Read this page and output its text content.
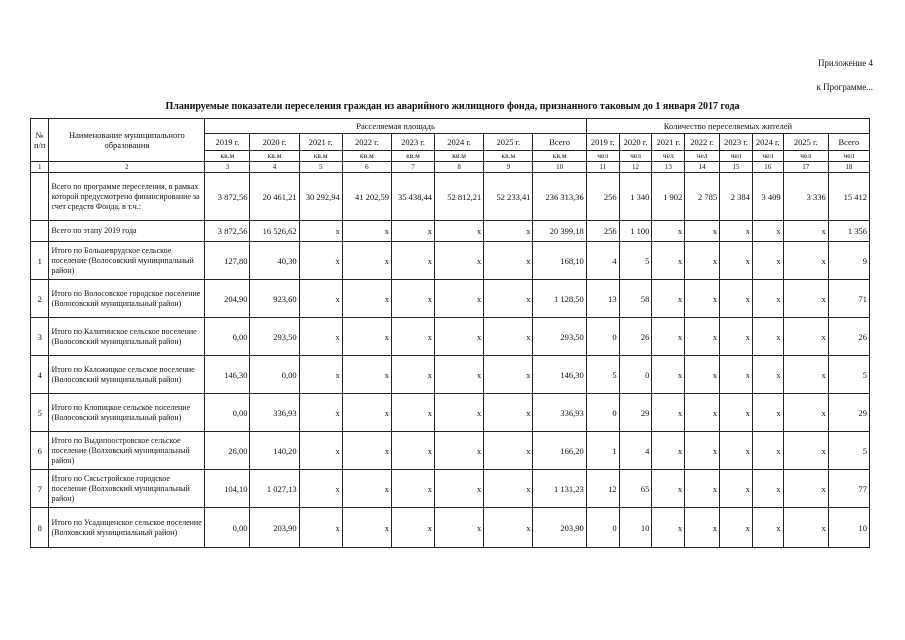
Приложение 4
к Программе...
Планируемые показатели переселения граждан из аварийного жилищного фонда, признанного таковым до 1 января 2017 года
№ п/п	Наименование муниципального образования	Расселяемая площадь								Количество переселяемых жителей							
		2019 г.	2020 г.	2021 г.	2022 г.	2023 г.	2024 г.	2025 г.	Всего	2019 г.	2020 г.	2021 г.	2022 г.	2023 г.	2024 г.	2025 г.	Всего
		кв.м	кв.м	кв.м	кв.м	кв.м	кв.м	кв.м	кв.м	чел	чел	чел	чел	чел	чел	чел	чел
1	2	3	4	5	6	7	8	9	10	11	12	13	14	15	16	17	18
	Всего по программе переселения, в рамках которой предусмотрено финансирование за счет средств Фонда, в т.ч.:	3 872,56	20 461,21	30 292,94	41 202,59	35 438,44	52 812,21	52 233,41	236 313,36	256	1 340	1 902	2 785	2 384	3 409	3 336	15 412
	Всего по этапу 2019 года	3 872,56	16 526,62	x	x	x	x	x	20 399,18	256	1 100	x	x	x	x	x	1 356
1	Итого по Большеврудское сельское поселение (Волосовский муниципальный район)	127,80	40,30	x	x	x	x	x	168,10	4	5	x	x	x	x	x	9
2	Итого по Волосовское городское поселение (Волосовский муниципальный район)	204,90	923,60	x	x	x	x	x	1 128,50	13	58	x	x	x	x	x	71
3	Итого по Калитинское сельское поселение (Волосовский муниципальный район)	0,00	293,50	x	x	x	x	x	293,50	0	26	x	x	x	x	x	26
4	Итого по Каложицкое сельское поселение (Волосовский муниципальный район)	146,30	0,00	x	x	x	x	x	146,30	5	0	x	x	x	x	x	5
5	Итого по Клопицкое сельское поселение (Волосовский муниципальный район)	0,00	336,93	x	x	x	x	x	336,93	0	29	x	x	x	x	x	29
6	Итого по Выдипоостровское сельское поселение (Волховский муниципальный район)	26,00	140,20	x	x	x	x	x	166,20	1	4	x	x	x	x	x	5
7	Итого по Сясьстройское городское поселение (Волховский муниципальный район)	104,10	1 027,13	x	x	x	x	x	1 131,23	12	65	x	x	x	x	x	77
8	Итого по Усадищенское сельское поселение (Волховский муниципальный район)	0,00	203,90	x	x	x	x	x	203,90	0	10	x	x	x	x	x	10
